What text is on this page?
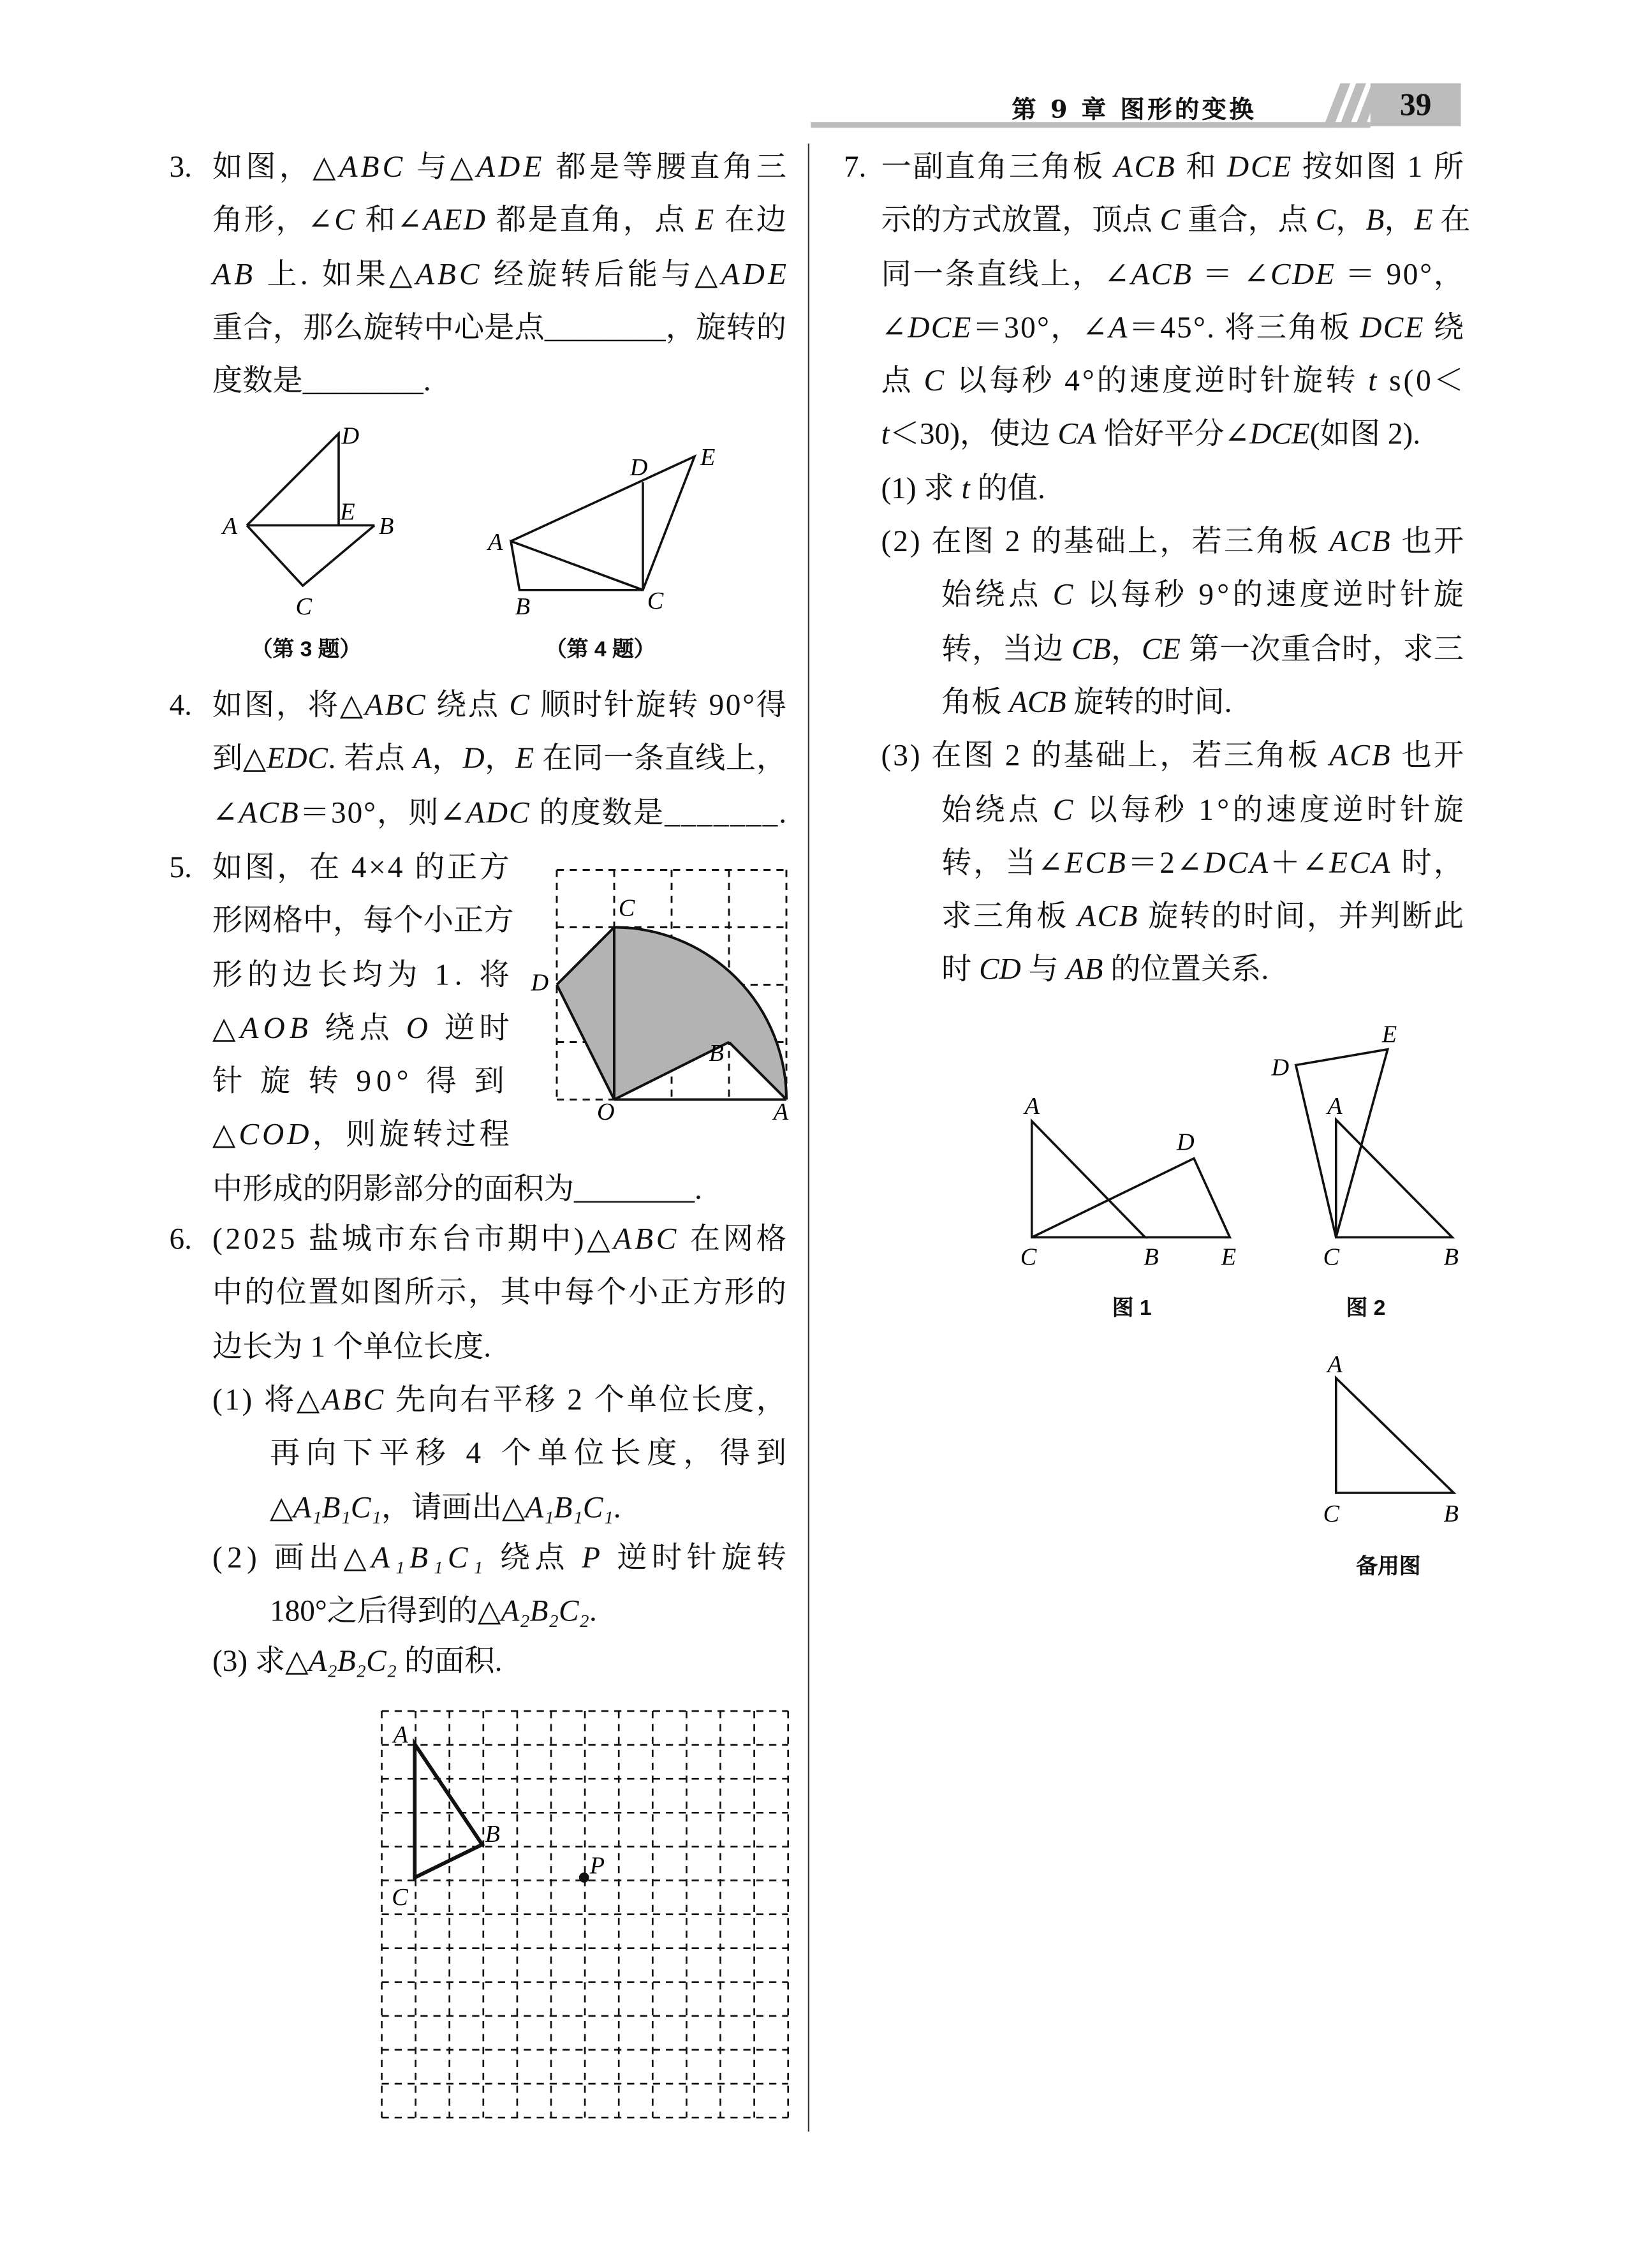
第 9 章 图形的变换	39
3. 如图，△ABC 与△ADE 都是等腰直角三
角形，∠C 和∠AED 都是直角，点 E 在边
AB 上. 如果△ABC 经旋转后能与△ADE
重合，那么旋转中心是点________，旋转的
度数是________.
D
E
A	B
C
A
B	C
D	E
（第 3 题）	（第 4 题）
4. 如图，将△ABC 绕点 C 顺时针旋转 90°得
到△EDC. 若点 A，D，E 在同一条直线上，
∠ACB＝30°，则∠ADC 的度数是_______.
5. 如图，在 4×4 的正方
形网格中，每个小正方
形的边长均为 1. 将
△AOB 绕点 O 逆时
针 旋 转 90° 得 到
△COD，则旋转过程
中形成的阴影部分的面积为________.
C
D
B
O	A
6. (2025 盐城市东台市期中)△ABC 在网格
中的位置如图所示，其中每个小正方形的
边长为 1 个单位长度.
(1) 将△ABC 先向右平移 2 个单位长度，
再向下平移 4 个单位长度，得到
△A₁B₁C₁，请画出△A₁B₁C₁.
(2) 画出△A₁B₁C₁ 绕点 P 逆时针旋转
180°之后得到的△A₂B₂C₂.
(3) 求△A₂B₂C₂ 的面积.
A
B
C
P
7. 一副直角三角板 ACB 和 DCE 按如图 1 所
示的方式放置，顶点 C 重合，点 C，B，E 在
同一条直线上，∠ACB ＝ ∠CDE ＝ 90°，
∠DCE＝30°，∠A＝45°. 将三角板 DCE 绕
点 C 以每秒 4°的速度逆时针旋转 t s(0＜
t＜30)，使边 CA 恰好平分∠DCE(如图 2).
(1) 求 t 的值.
(2) 在图 2 的基础上，若三角板 ACB 也开
始绕点 C 以每秒 9°的速度逆时针旋
转，当边 CB，CE 第一次重合时，求三
角板 ACB 旋转的时间.
(3) 在图 2 的基础上，若三角板 ACB 也开
始绕点 C 以每秒 1°的速度逆时针旋
转，当∠ECB＝2∠DCA＋∠ECA 时，
求三角板 ACB 旋转的时间，并判断此
时 CD 与 AB 的位置关系.
A
D
C	B	E
D
E
A
C	B
A
C	B
图 1	图 2
备用图
